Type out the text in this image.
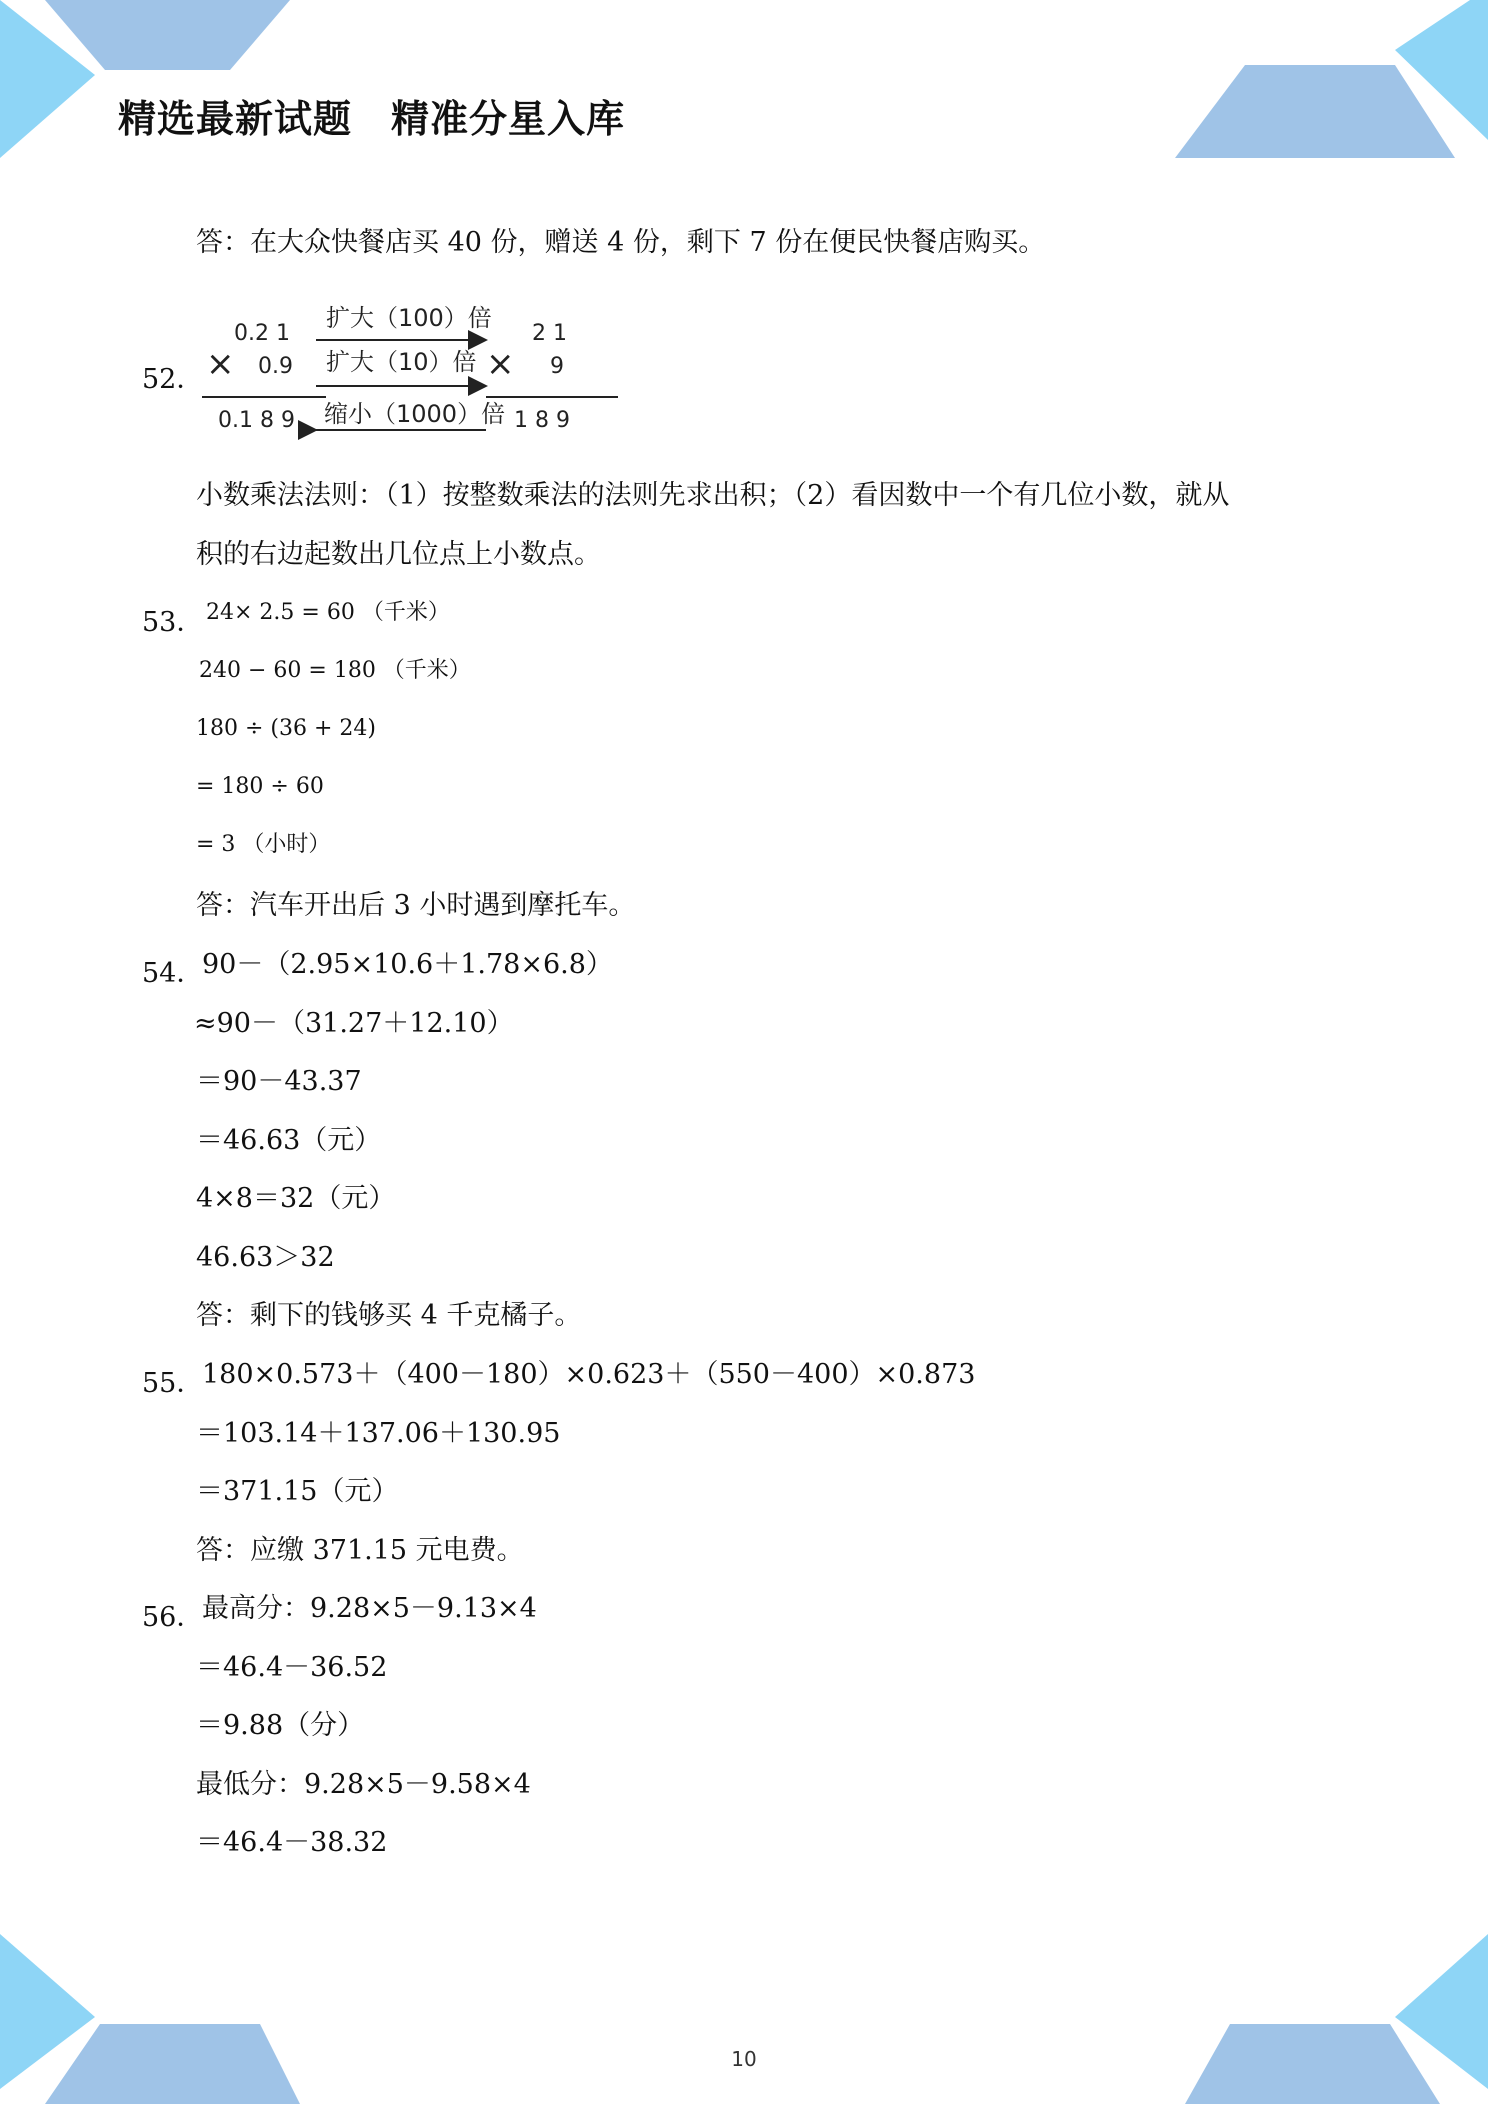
精选最新试题　精准分星入库
答：在大众快餐店买 40 份，赠送 4 份，剩下 7 份在便民快餐店购买。
52．
0.2 1
× 0.9
0.1 8 9
扩大（100）倍
扩大（10）倍
缩小（1000）倍
2 1
× 9
1 8 9
小数乘法法则：（1）按整数乘法的法则先求出积；（2）看因数中一个有几位小数，就从
积的右边起数出几位点上小数点。
53． 24× 2.5 = 60 （千米）
240 − 60 = 180 （千米）
180 ÷ (36 + 24)
= 180 ÷ 60
= 3 （小时）
答：汽车开出后 3 小时遇到摩托车。
54．
90－（2.95×10.6＋1.78×6.8）
≈90－（31.27＋12.10）
＝90－43.37
＝46.63（元）
4×8＝32（元）
46.63＞32
答：剩下的钱够买 4 千克橘子。
55．
180×0.573＋（400－180）×0.623＋（550－400）×0.873
＝103.14＋137.06＋130.95
＝371.15（元）
答：应缴 371.15 元电费。
56．
最高分：9.28×5－9.13×4
＝46.4－36.52
＝9.88（分）
最低分：9.28×5－9.58×4
＝46.4－38.32
10
